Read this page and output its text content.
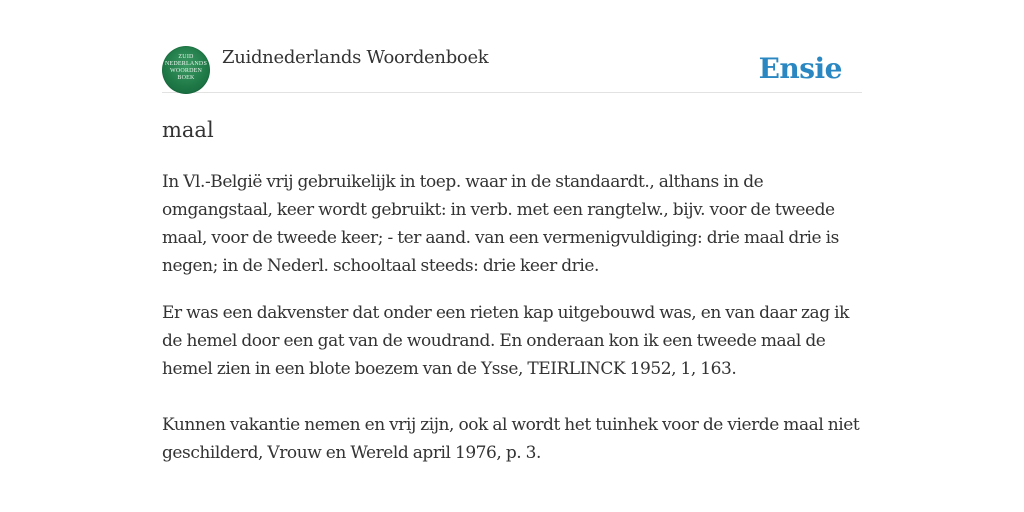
ZUID NEDERLANDS WOORDEN BOEK
Zuidnederlands Woordenboek	Ensie
maal

In Vl.-België vrij gebruikelijk in toep. waar in de standaardt., althans in de omgangstaal, keer wordt gebruikt: in verb. met een rangtelw., bijv. voor de tweede maal, voor de tweede keer; - ter aand. van een vermenigvuldiging: drie maal drie is negen; in de Nederl. schooltaal steeds: drie keer drie.

Er was een dakvenster dat onder een rieten kap uitgebouwd was, en van daar zag ik de hemel door een gat van de woudrand. En onderaan kon ik een tweede maal de hemel zien in een blote boezem van de Ysse, TEIRLINCK 1952, 1, 163.

Kunnen vakantie nemen en vrij zijn, ook al wordt het tuinhek voor de vierde maal niet geschilderd, Vrouw en Wereld april 1976, p. 3.
